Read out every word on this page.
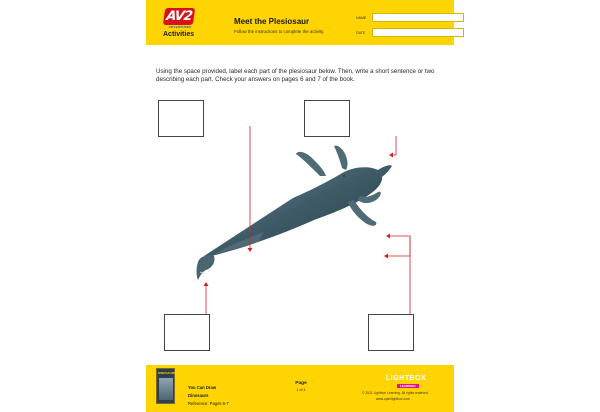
AV2
ADVENTURES
Activities
Meet the Plesiosaur
Follow the instructions to complete the activity.
NAME
DATE
Using the space provided, label each part of the plesiosaur below. Then, write a short sentence or two describing each part. Check your answers on pages 6 and 7 of the book.
DINOSAURS
You Can Draw
Dinosaurs
Reference: Pages 6-7
Page
1 of 1
LIGHTBOX
LEARNING
© 2021 Lightbox Learning. All rights reserved.
www.openlightbox.com
